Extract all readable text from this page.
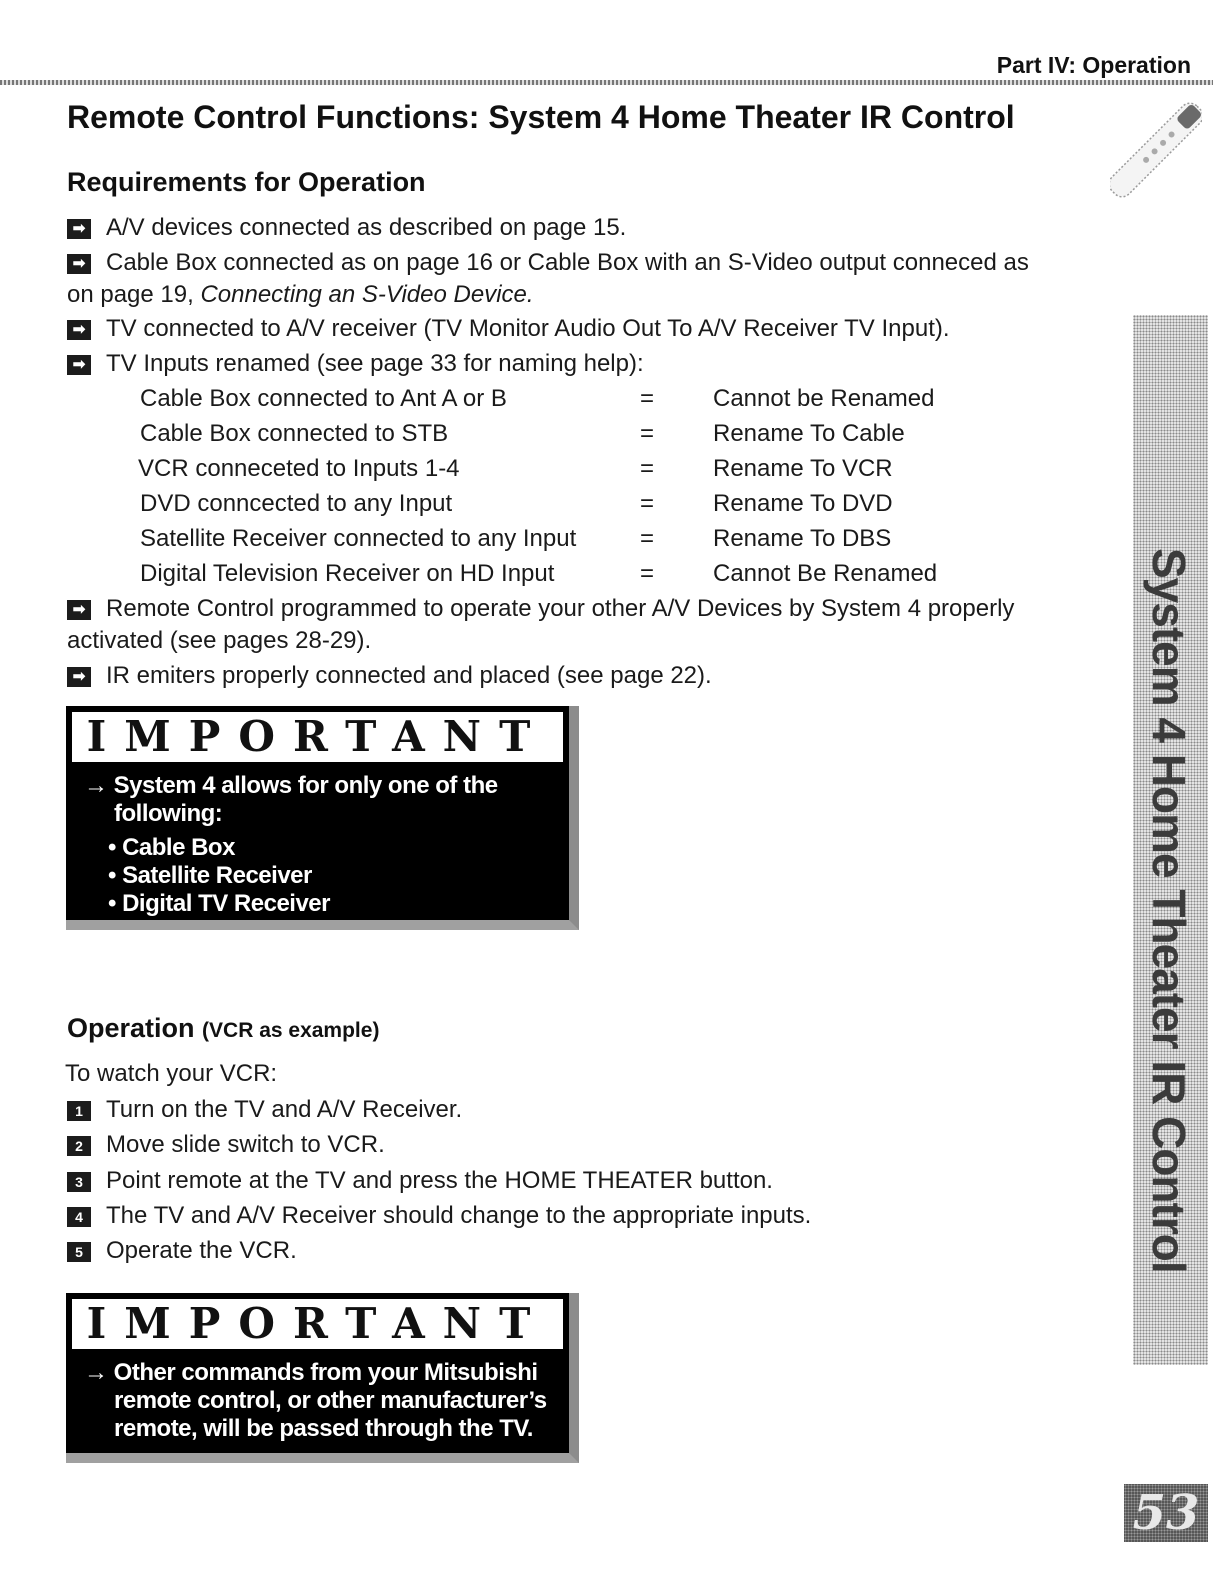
Part IV: Operation
Remote Control Functions: System 4 Home Theater IR Control
Requirements for Operation
➡ A/V devices connected as described on page 15.
➡ Cable Box connected as on page 16 or Cable Box with an S-Video output conneced as
on page 19, Connecting an S-Video Device.
➡ TV connected to A/V receiver (TV Monitor Audio Out To A/V Receiver TV Input).
➡ TV Inputs renamed (see page 33 for naming help):
Cable Box connected to Ant A or B	= Cannot be Renamed
Cable Box connected to STB	= Rename To Cable
VCR conneceted to Inputs 1-4	= Rename To VCR
DVD conncected to any Input	= Rename To DVD
Satellite Receiver connected to any Input	= Rename To DBS
Digital Television Receiver on HD Input	= Cannot Be Renamed
➡ Remote Control programmed to operate your other A/V Devices by System 4 properly
activated (see pages 28-29).
➡ IR emiters properly connected and placed (see page 22).
IMPORTANT
→ System 4 allows for only one of the
following:
• Cable Box
• Satellite Receiver
• Digital TV Receiver
Operation (VCR as example)
To watch your VCR:
1 Turn on the TV and A/V Receiver.
2 Move slide switch to VCR.
3 Point remote at the TV and press the HOME THEATER button.
4 The TV and A/V Receiver should change to the appropriate inputs.
5 Operate the VCR.
IMPORTANT
→ Other commands from your Mitsubishi
remote control, or other manufacturer’s
remote, will be passed through the TV.
System 4 Home Theater IR Control
53
